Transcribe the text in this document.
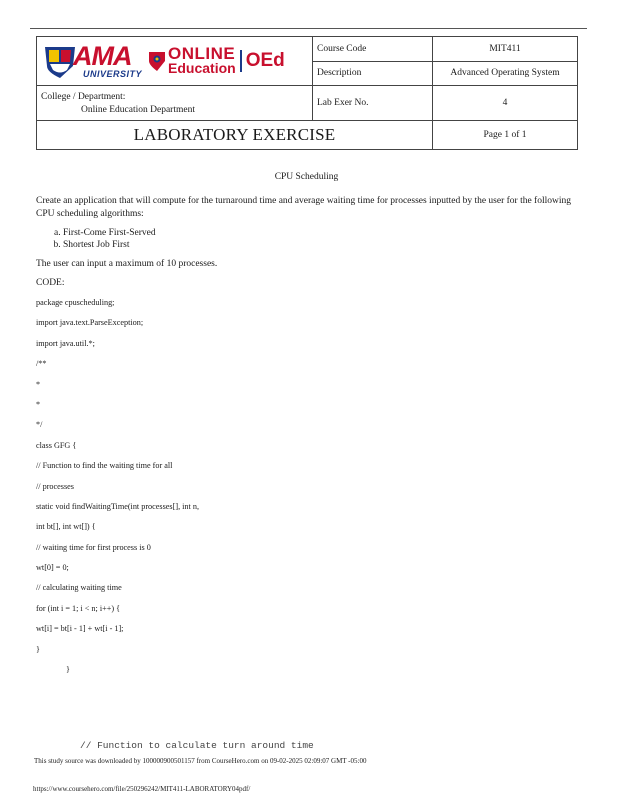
AMA
UNIVERSITY
ONLINE
Education OEd	Course Code	MIT411
	Description	Advanced Operating System

College / Department:
Online Education Department	Lab Exer No.	4
LABORATORY EXERCISE		Page 1 of 1

CPU Scheduling

Create an application that will compute for the turnaround time and average waiting time for processes inputted by the user for the following CPU scheduling algorithms:

a. First-Come First-Served
b. Shortest Job First

The user can input a maximum of 10 processes.

CODE:

package cpuscheduling;
import java.text.ParseException;
import java.util.*;
/**
*
*
*/
class GFG {
// Function to find the waiting time for all
// processes
static void findWaitingTime(int processes[], int n,
int bt[], int wt[]) {
// waiting time for first process is 0
wt[0] = 0;
// calculating waiting time
for (int i = 1; i < n; i++) {
wt[i] = bt[i - 1] + wt[i - 1];
}
}
// Function to calculate turn around time
This study source was downloaded by 100000900501157 from CourseHero.com on 09-02-2025 02:09:07 GMT -05:00
https://www.coursehero.com/file/250296242/MIT411-LABORATORY04pdf/
